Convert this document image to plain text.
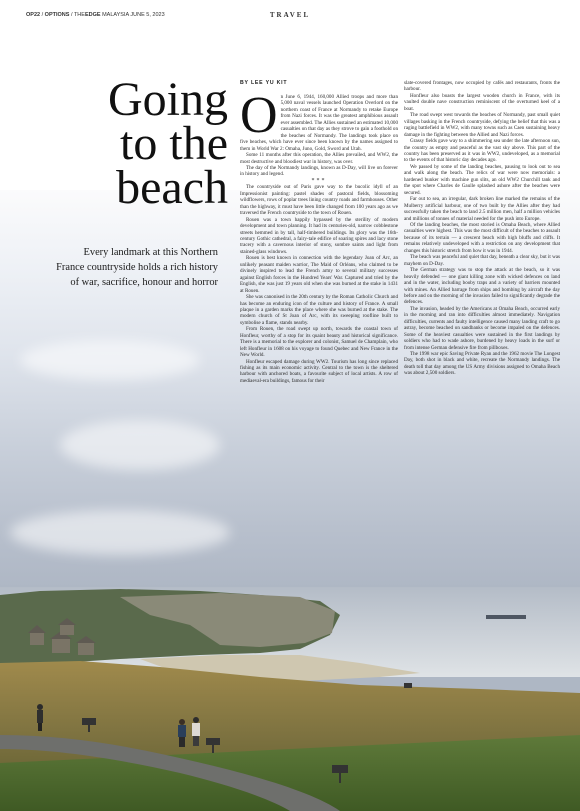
OP22 / OPTIONS / THEEDGE MALAYSIA JUNE 5, 2023	TRAVEL
Going
to the
beach
Every landmark at this Northern France countryside holds a rich history of war, sacrifice, honour and horror
BY LEE YU KIT
O n June 6, 1944, 160,000 Allied troops and more than 5,000 naval vessels launched Operation Overlord on the northern coast of France at Normandy to retake Europe from Nazi forces. It was the greatest amphibious assault ever assembled. The Allies sustained an estimated 10,000 casualties on that day as they strove to gain a foothold on the beaches of Normandy. The landings took place on five beaches, which have ever since been known by the names assigned to them in World War 2: Omaha, Juno, Gold, Sword and Utah.

Some 11 months after this operation, the Allies prevailed, and WW2, the most destructive and bloodiest war in history, was over.

The day of the Normandy landings, known as D-Day, will live on forever in history and legend.

***

The countryside out of Paris gave way to the bucolic idyll of an Impressionist painting: pastel shades of pastoral fields, blossoming wildflowers, rows of poplar trees lining country roads and farmhouses. Other than the highway, it must have been little changed from 100 years ago as we traversed the French countryside to the town of Rouen.

Rouen was a town happily bypassed by the sterility of modern development and town planning. It had its centuries-old, narrow cobblestone streets hemmed in by tall, half-timbered buildings. Its glory was the 16th-century Gothic cathedral, a fairy-tale edifice of soaring spires and lacy stone tracery with a cavernous interior of stony, sombre saints and light from stained-glass windows.

Rouen is best known in connection with the legendary Joan of Arc, an unlikely peasant maiden warrior, The Maid of Orléans, who claimed to be divinely inspired to lead the French army to several military successes against English forces in the Hundred Years' War. Captured and tried by the English, she was just 19 years old when she was burned at the stake in 1431 at Rouen.

She was canonised in the 20th century by the Roman Catholic Church and has become an enduring icon of the culture and history of France. A small plaque in a garden marks the place where she was burned at the stake. The modern church of St Joan of Arc, with its sweeping roofline built to symbolise a flame, stands nearby.

From Rouen, the road swept up north, towards the coastal town of Honfleur, worthy of a stop for its quaint beauty and historical significance. There is a memorial to the explorer and colonist, Samuel de Champlain, who left Honfleur in 1608 on his voyage to found Quebec and New France in the New World.

Honfleur escaped damage during WW2. Tourism has long since replaced fishing as its main economic activity. Central to the town is the sheltered harbour with anchored boats, a favourite subject of local artists. A row of mediaeval-era buildings, famous for their

slate-covered frontages, now occupied by cafés and restaurants, fronts the harbour.

Honfleur also boasts the largest wooden church in France, with its vaulted double nave construction reminiscent of the overturned keel of a boat.

The road swept west towards the beaches of Normandy, past small quiet villages basking in the French countryside, defying the belief that this was a raging battlefield in WW2, with many towns such as Caen sustaining heavy damage in the fighting between the Allied and Nazi forces.

Grassy fields gave way to a shimmering sea under the late afternoon sun, the country as empty and peaceful as the vast sky above. This part of the country has been preserved as it was in WW2, undeveloped, as a memorial to the events of that historic day decades ago.

We passed by some of the landing beaches, pausing to look out to sea and walk along the beach. The relics of war were now memorials: a hardened bunker with machine gun slits, an old WW2 Churchill tank and the spot where Charles de Gaulle splashed ashore after the beaches were secured.

Far out to sea, an irregular, dark broken line marked the remains of the Mulberry artificial harbour, one of two built by the Allies after they had successfully taken the beach to land 2.5 million men, half a million vehicles and millions of tonnes of material needed for the push into Europe.

Of the landing beaches, the most storied is Omaha Beach, where Allied casualties were highest. This was the most difficult of the beaches to assault because of its terrain — a crescent beach with high bluffs and cliffs. It remains relatively undeveloped with a restriction on any development that changes this historic stretch from how it was in 1944.

The beach was peaceful and quiet that day, beneath a clear sky, but it was mayhem on D-Day.

The German strategy was to stop the attack at the beach, so it was heavily defended — one giant killing zone with wicked defences on land and in the water, including booby traps and a variety of barriers mounted with mines. An Allied barrage from ships and bombing by aircraft the day before and on the morning of the invasion failed to significantly degrade the defences.

The invasion, headed by the Americans at Omaha Beach, occurred early in the morning and ran into difficulties almost immediately. Navigation difficulties, currents and faulty intelligence caused many landing craft to go astray, become beached on sandbanks or become impaled on the defences. Some of the heaviest casualties were sustained in the first landings by soldiers who had to wade ashore, burdened by heavy loads in the surf or from intense German defensive fire from pillboxes.

The 1998 war epic Saving Private Ryan and the 1962 movie The Longest Day, both shot in black and white, recreate the Normandy landings. The death toll that day among the US Army divisions assigned to Omaha Beach was about 2,500 soldiers.
